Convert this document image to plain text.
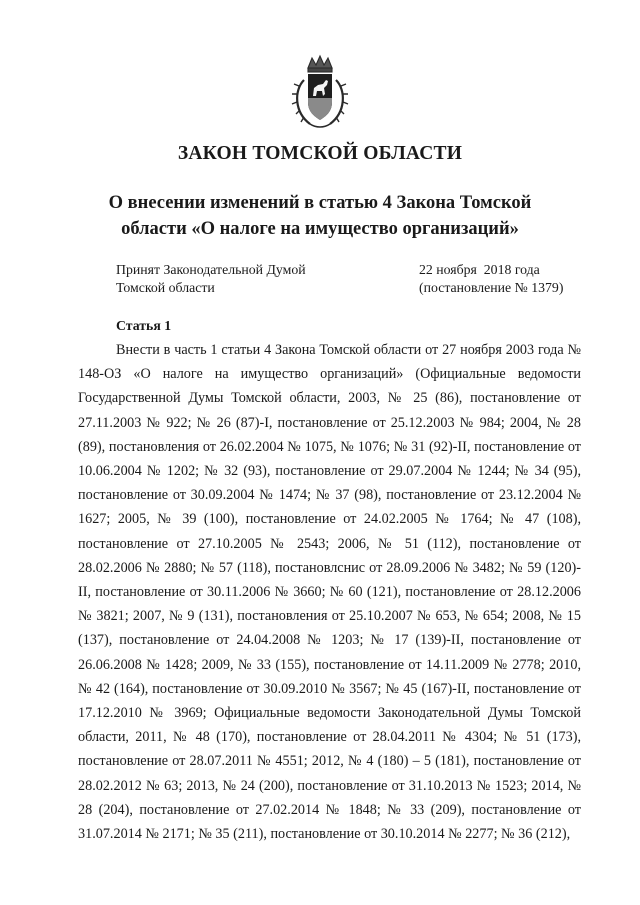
ЗАКОН ТОМСКОЙ ОБЛАСТИ
О внесении изменений в статью 4 Закона Томской
области «О налоге на имущество организаций»
Принят Законодательной Думой
Томской области
22 ноября  2018 года
(постановление № 1379)
Статья 1

Внести в часть 1 статьи 4 Закона Томской области от 27 ноября 2003 года № 148-ОЗ «О налоге на имущество организаций» (Официальные ведомости Государственной Думы Томской области, 2003, № 25 (86), постановление от 27.11.2003 № 922; № 26 (87)-I, постановление от 25.12.2003 № 984; 2004, № 28 (89), постановления от 26.02.2004 № 1075, № 1076; № 31 (92)-II, постановление от 10.06.2004 № 1202; № 32 (93), постановление от 29.07.2004 № 1244; № 34 (95), постановление от 30.09.2004 № 1474; № 37 (98), постановление от 23.12.2004 № 1627; 2005, № 39 (100), постановление от 24.02.2005 № 1764; № 47 (108), постановление от 27.10.2005 № 2543; 2006, № 51 (112), постановление от 28.02.2006 № 2880; № 57 (118), постановлснис от 28.09.2006 № 3482; № 59 (120)-II, постановление от 30.11.2006 № 3660; № 60 (121), постановление от 28.12.2006 № 3821; 2007, № 9 (131), постановления от 25.10.2007 № 653, № 654; 2008, № 15 (137), постановление от 24.04.2008 № 1203; № 17 (139)-II, постановление от 26.06.2008 № 1428; 2009, № 33 (155), постановление от 14.11.2009 № 2778; 2010, № 42 (164), постановление от 30.09.2010 № 3567; № 45 (167)-II, постановление от 17.12.2010 № 3969; Официальные ведомости Законодательной Думы Томской области, 2011, № 48 (170), постановление от 28.04.2011 № 4304; № 51 (173), постановление от 28.07.2011 № 4551; 2012, № 4 (180) – 5 (181), постановление от 28.02.2012 № 63; 2013, № 24 (200), постановление от 31.10.2013 № 1523; 2014, № 28 (204), постановление от 27.02.2014 № 1848; № 33 (209), постановление от 31.07.2014 № 2171; № 35 (211), постановление от 30.10.2014 № 2277; № 36 (212),
